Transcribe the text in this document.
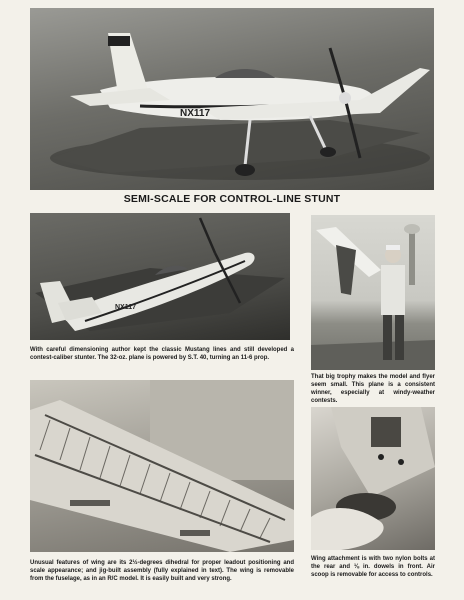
NX117
SEMI-SCALE FOR CONTROL-LINE STUNT
NX117
With careful dimensioning author kept the classic Mustang lines and still developed a contest-caliber stunter. The 32-oz. plane is powered by S.T. 40, turning an 11-6 prop.
That big trophy makes the model and flyer seem small. This plane is a consistent winner, especially at windy-weather contests.
Unusual features of wing are its 2½-degrees dihedral for proper leadout positioning and scale appearance; and jig-built assembly (fully explained in text). The wing is removable from the fuselage, as in an R/C model. It is easily built and very strong.
Wing attachment is with two nylon bolts at the rear and ⅛ in. dowels in front. Air scoop is removable for access to controls.
